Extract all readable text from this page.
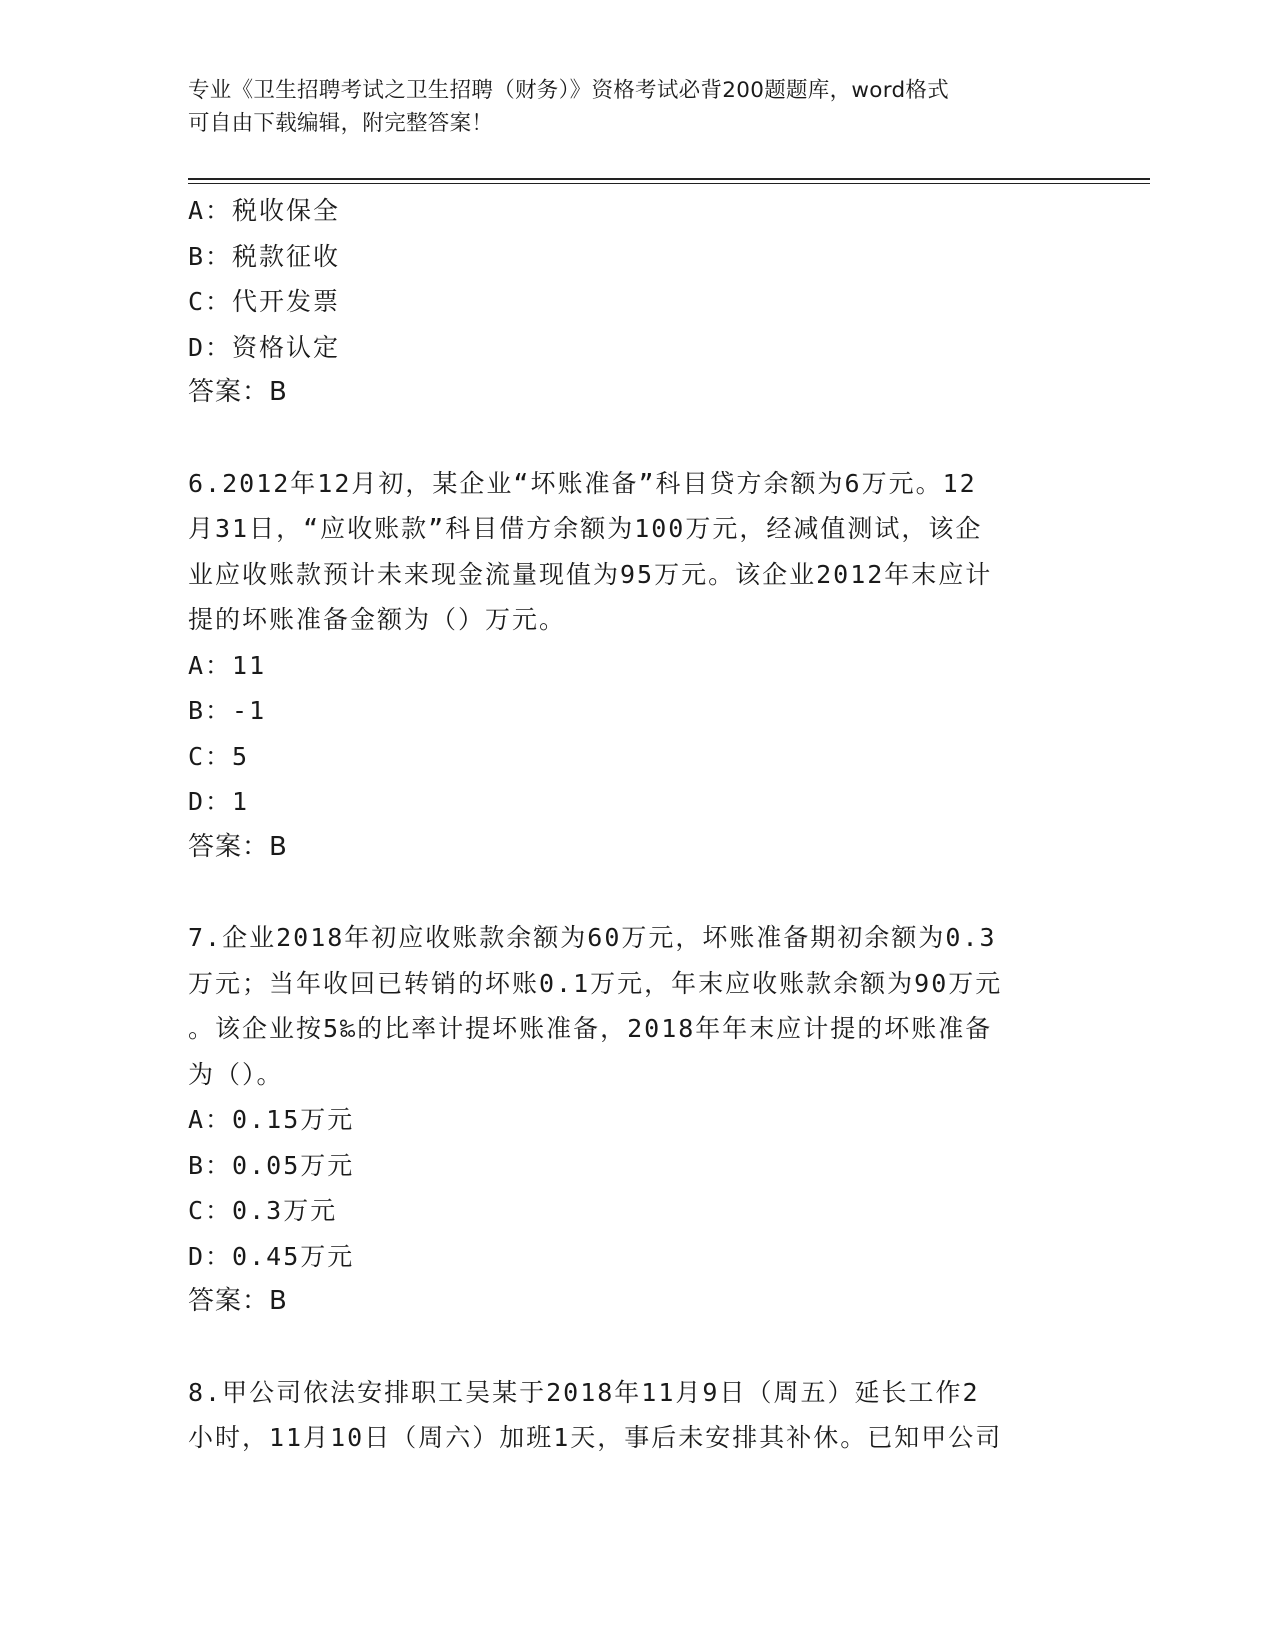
专业《卫生招聘考试之卫生招聘（财务）》资格考试必背200题题库，word格式
可自由下载编辑，附完整答案！
A：税收保全
B：税款征收
C：代开发票
D：资格认定
答案：B
6.2012年12月初，某企业“坏账准备”科目贷方余额为6万元。12
月31日，“应收账款”科目借方余额为100万元，经减值测试，该企
业应收账款预计未来现金流量现值为95万元。该企业2012年末应计
提的坏账准备金额为（）万元。
A：11
B：-1
C：5
D：1
答案：B
7.企业2018年初应收账款余额为60万元，坏账准备期初余额为0.3
万元；当年收回已转销的坏账0.1万元，年末应收账款余额为90万元
。该企业按5‰的比率计提坏账准备，2018年年末应计提的坏账准备
为（）。
A：0.15万元
B：0.05万元
C：0.3万元
D：0.45万元
答案：B
8.甲公司依法安排职工吴某于2018年11月9日（周五）延长工作2
小时，11月10日（周六）加班1天，事后未安排其补休。已知甲公司
